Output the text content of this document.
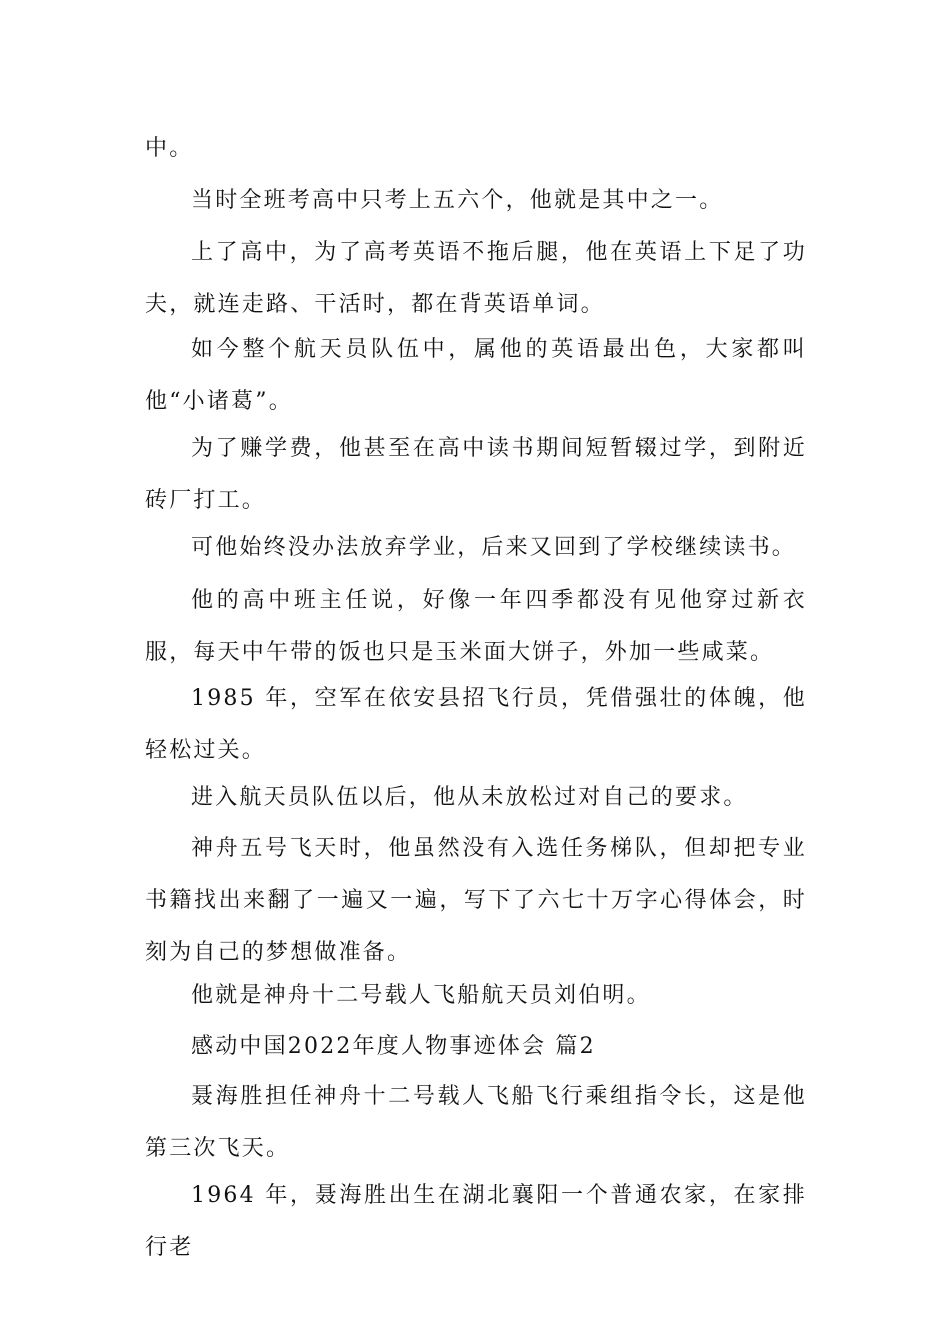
中。

当时全班考高中只考上五六个，他就是其中之一。

上了高中，为了高考英语不拖后腿，他在英语上下足了功夫，就连走路、干活时，都在背英语单词。

如今整个航天员队伍中，属他的英语最出色，大家都叫他“小诸葛”。

为了赚学费，他甚至在高中读书期间短暂辍过学，到附近砖厂打工。

可他始终没办法放弃学业，后来又回到了学校继续读书。

他的高中班主任说，好像一年四季都没有见他穿过新衣服，每天中午带的饭也只是玉米面大饼子，外加一些咸菜。

1985 年，空军在依安县招飞行员，凭借强壮的体魄，他轻松过关。

进入航天员队伍以后，他从未放松过对自己的要求。

神舟五号飞天时，他虽然没有入选任务梯队，但却把专业书籍找出来翻了一遍又一遍，写下了六七十万字心得体会，时刻为自己的梦想做准备。

他就是神舟十二号载人飞船航天员刘伯明。

感动中国2022年度人物事迹体会 篇2

聂海胜担任神舟十二号载人飞船飞行乘组指令长，这是他第三次飞天。

1964 年，聂海胜出生在湖北襄阳一个普通农家，在家排行老
